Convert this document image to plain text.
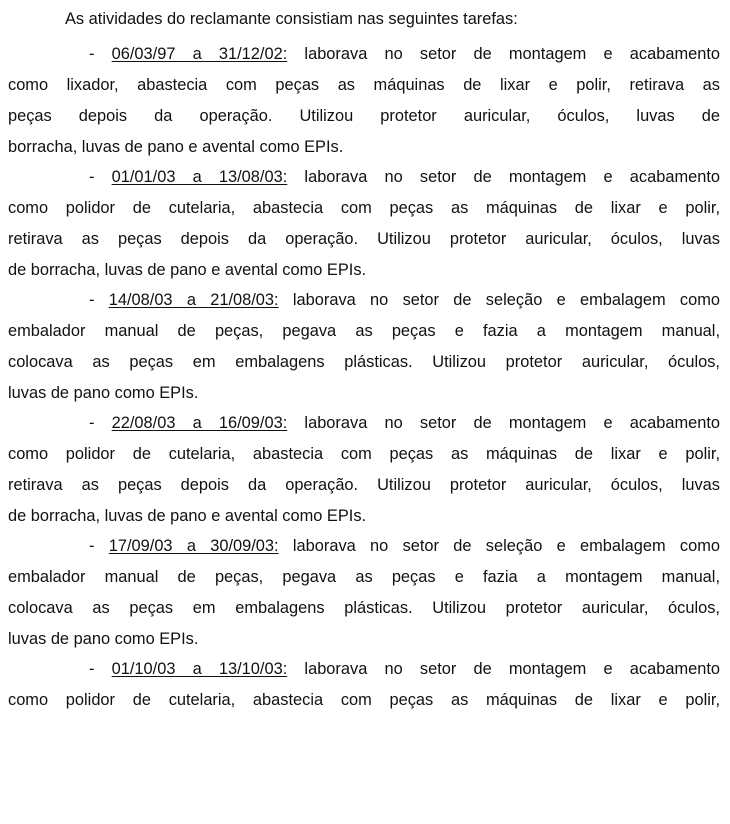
As atividades do reclamante consistiam nas seguintes tarefas:

- 06/03/97 a 31/12/02: laborava no setor de montagem e acabamento
como lixador, abastecia com peças as máquinas de lixar e polir, retirava as
peças depois da operação. Utilizou protetor auricular, óculos, luvas de
borracha, luvas de pano e avental como EPIs.
- 01/01/03 a 13/08/03: laborava no setor de montagem e acabamento
como polidor de cutelaria, abastecia com peças as máquinas de lixar e polir,
retirava as peças depois da operação. Utilizou protetor auricular, óculos, luvas
de borracha, luvas de pano e avental como EPIs.
- 14/08/03 a 21/08/03: laborava no setor de seleção e embalagem como
embalador manual de peças, pegava as peças e fazia a montagem manual,
colocava as peças em embalagens plásticas. Utilizou protetor auricular, óculos,
luvas de pano como EPIs.
- 22/08/03 a 16/09/03: laborava no setor de montagem e acabamento
como polidor de cutelaria, abastecia com peças as máquinas de lixar e polir,
retirava as peças depois da operação. Utilizou protetor auricular, óculos, luvas
de borracha, luvas de pano e avental como EPIs.
- 17/09/03 a 30/09/03: laborava no setor de seleção e embalagem como
embalador manual de peças, pegava as peças e fazia a montagem manual,
colocava as peças em embalagens plásticas. Utilizou protetor auricular, óculos,
luvas de pano como EPIs.
- 01/10/03 a 13/10/03: laborava no setor de montagem e acabamento
como polidor de cutelaria, abastecia com peças as máquinas de lixar e polir,
